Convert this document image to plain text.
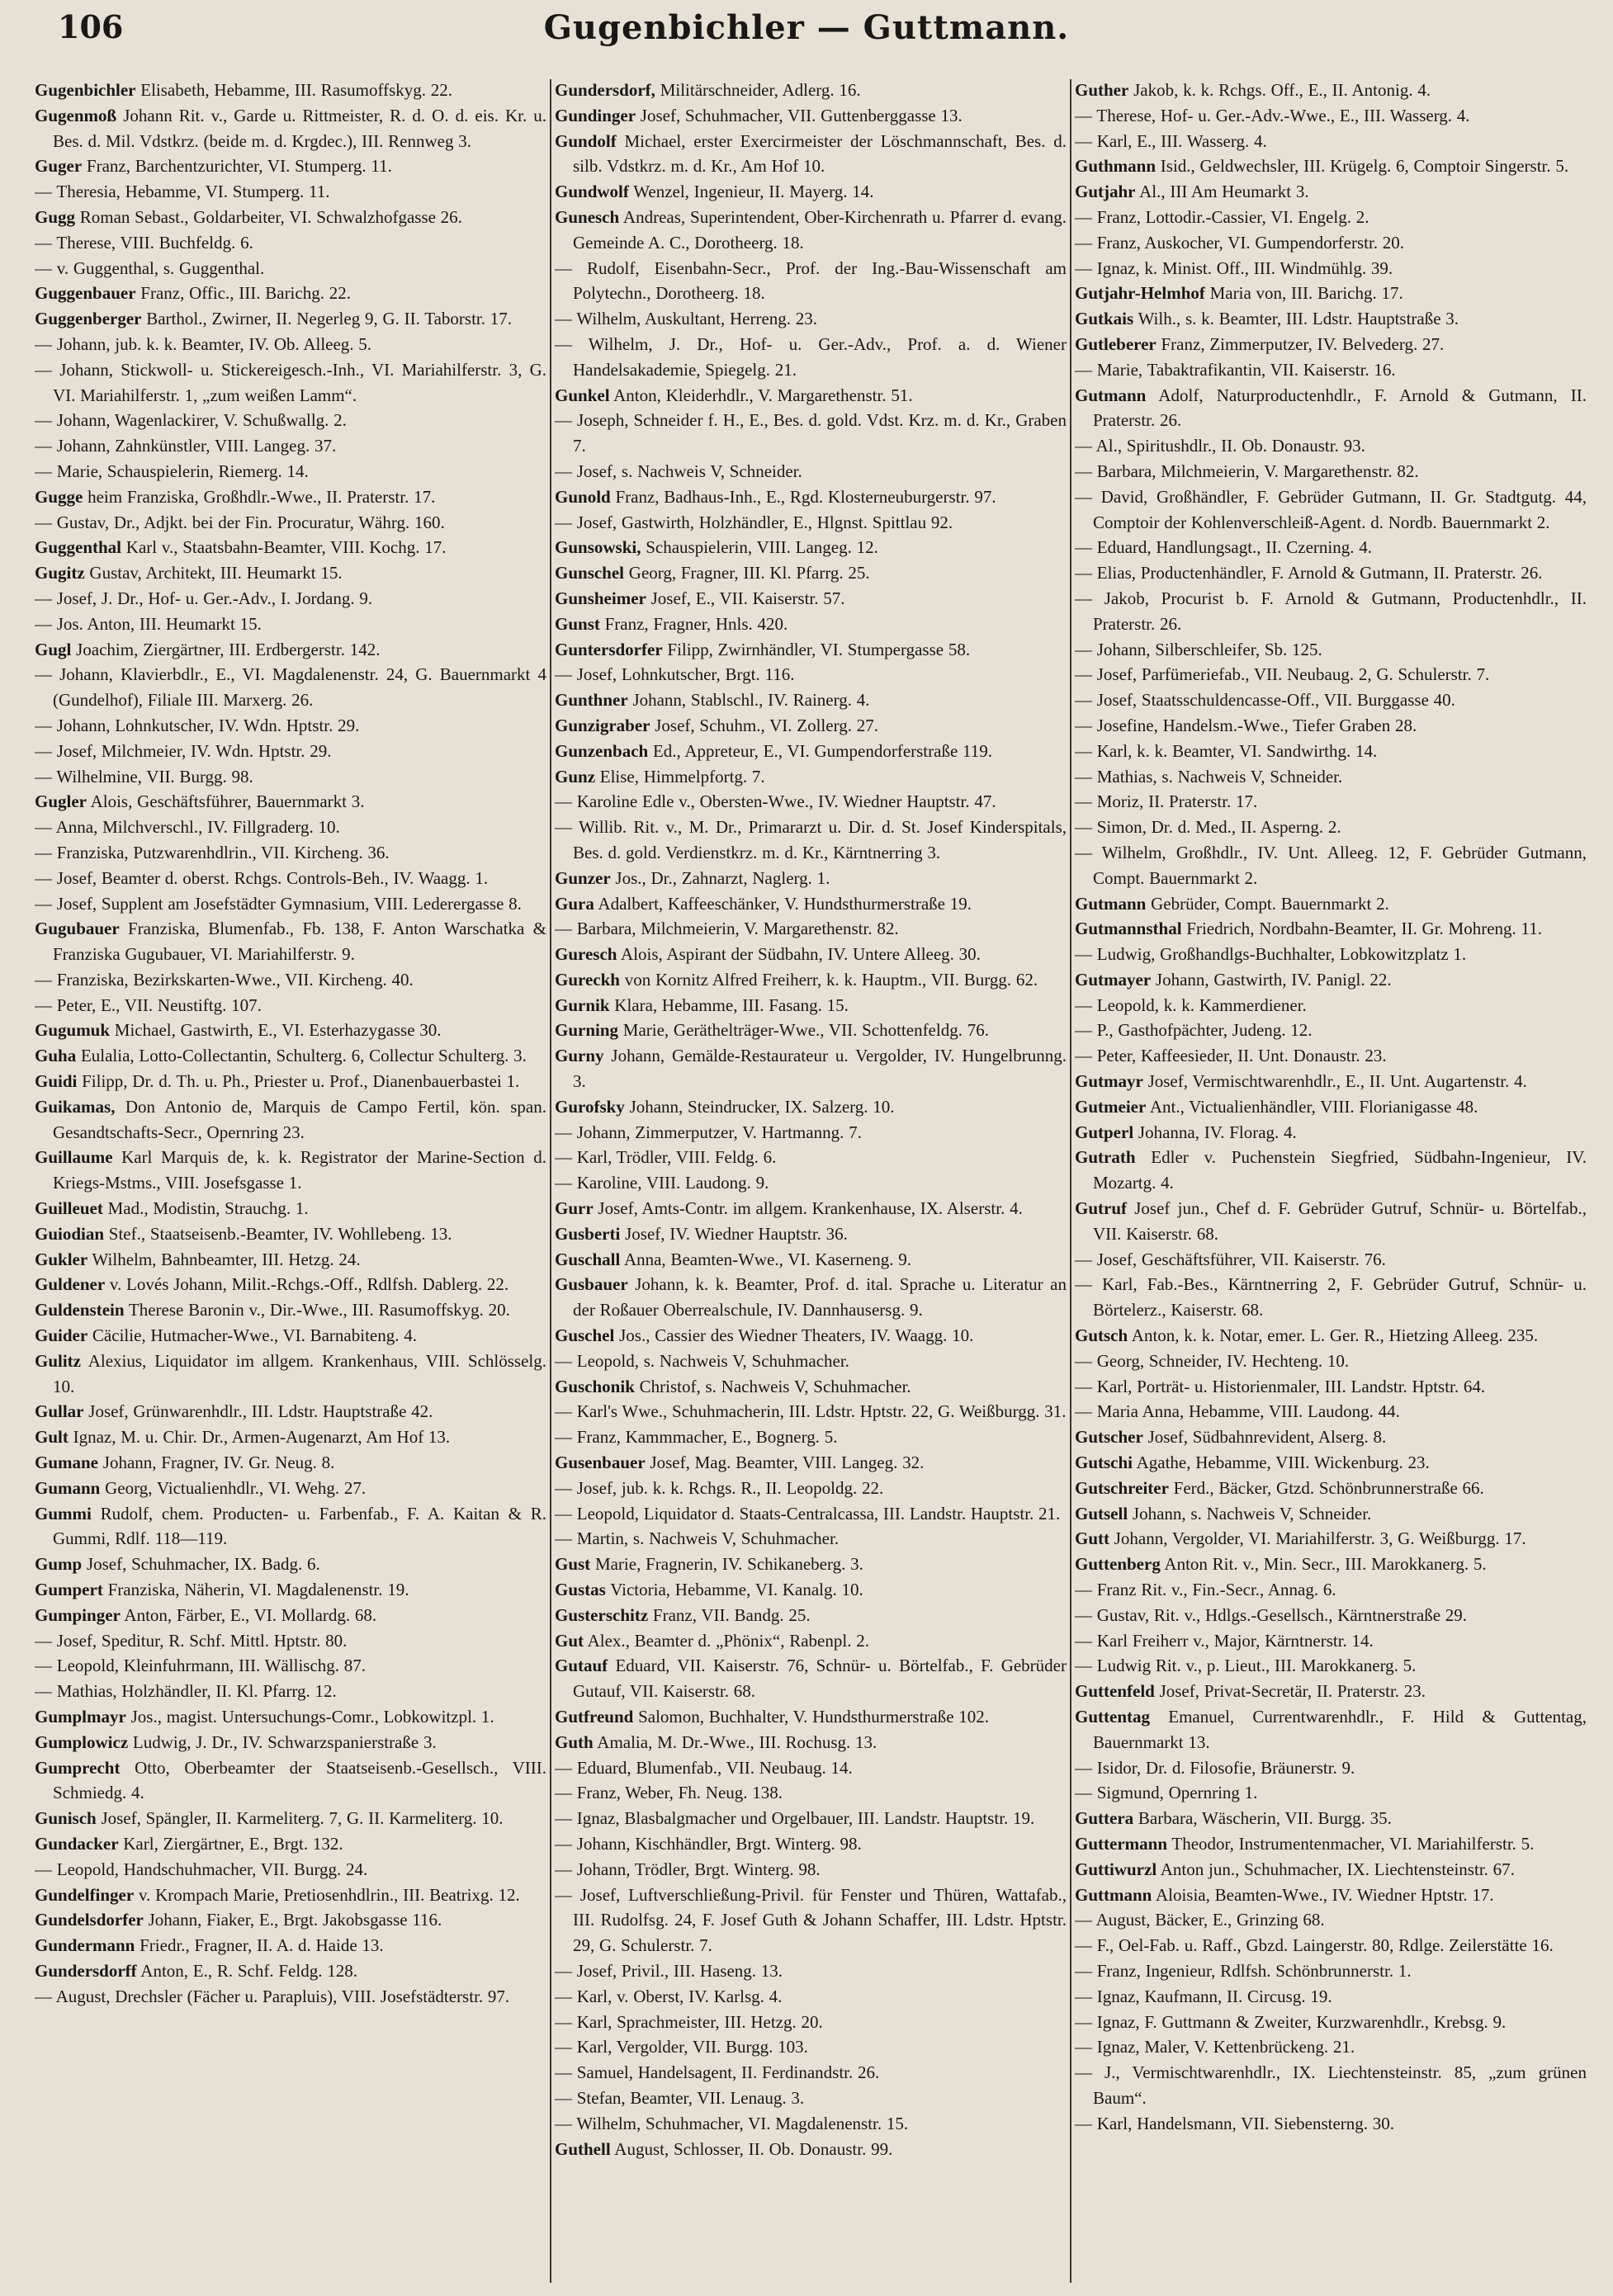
106	Gugenbichler — Guttmann.

Gugenbichler Elisabeth, Hebamme, III. Rasumoffskyg. 22.

Gugenmoß Johann Rit. v., Garde u. Rittmeister, R. d. O. d. eis. Kr. u. Bes. d. Mil. Vdstkrz. (beide m. d. Krgdec.), III. Rennweg 3.

Guger Franz, Barchentzurichter, VI. Stumperg. 11.

— Theresia, Hebamme, VI. Stumperg. 11.

Gugg Roman Sebast., Goldarbeiter, VI. Schwalzhofgasse 26.

— Therese, VIII. Buchfeldg. 6.

— v. Guggenthal, s. Guggenthal.

Guggenbauer Franz, Offic., III. Barichg. 22.

Guggenberger Barthol., Zwirner, II. Negerleg 9, G. II. Taborstr. 17.

— Johann, jub. k. k. Beamter, IV. Ob. Alleeg. 5.

— Johann, Stickwoll- u. Stickereigesch.-Inh., VI. Mariahilferstr. 3, G. VI. Mariahilferstr. 1, „zum weißen Lamm“.

— Johann, Wagenlackirer, V. Schußwallg. 2.

— Johann, Zahnkünstler, VIII. Langeg. 37.

— Marie, Schauspielerin, Riemerg. 14.

Gugge heim Franziska, Großhdlr.-Wwe., II. Praterstr. 17.

— Gustav, Dr., Adjkt. bei der Fin. Procuratur, Währg. 160.

Guggenthal Karl v., Staatsbahn-Beamter, VIII. Kochg. 17.

Gugitz Gustav, Architekt, III. Heumarkt 15.

— Josef, J. Dr., Hof- u. Ger.-Adv., I. Jordang. 9.

— Jos. Anton, III. Heumarkt 15.

Gugl Joachim, Ziergärtner, III. Erdbergerstr. 142.

— Johann, Klavierbdlr., E., VI. Magdalenenstr. 24, G. Bauernmarkt 4 (Gundelhof), Filiale III. Marxerg. 26.

— Johann, Lohnkutscher, IV. Wdn. Hptstr. 29.

— Josef, Milchmeier, IV. Wdn. Hptstr. 29.

— Wilhelmine, VII. Burgg. 98.

Gugler Alois, Geschäftsführer, Bauernmarkt 3.

— Anna, Milchverschl., IV. Fillgraderg. 10.

— Franziska, Putzwarenhdlrin., VII. Kircheng. 36.

— Josef, Beamter d. oberst. Rchgs. Controls-Beh., IV. Waagg. 1.

— Josef, Supplent am Josefstädter Gymnasium, VIII. Lederergasse 8.

Gugubauer Franziska, Blumenfab., Fb. 138, F. Anton Warschatka & Franziska Gugubauer, VI. Mariahilferstr. 9.

— Franziska, Bezirkskarten-Wwe., VII. Kircheng. 40.

— Peter, E., VII. Neustiftg. 107.

Gugumuk Michael, Gastwirth, E., VI. Esterhazygasse 30.

Guha Eulalia, Lotto-Collectantin, Schulterg. 6, Collectur Schulterg. 3.

Guidi Filipp, Dr. d. Th. u. Ph., Priester u. Prof., Dianenbauerbastei 1.

Guikamas, Don Antonio de, Marquis de Campo Fertil, kön. span. Gesandtschafts-Secr., Opernring 23.

Guillaume Karl Marquis de, k. k. Registrator der Marine-Section d. Kriegs-Mstms., VIII. Josefsgasse 1.

Guilleuet Mad., Modistin, Strauchg. 1.

Guiodian Stef., Staatseisenb.-Beamter, IV. Wohllebeng. 13.

Gukler Wilhelm, Bahnbeamter, III. Hetzg. 24.

Guldener v. Lovés Johann, Milit.-Rchgs.-Off., Rdlfsh. Dablerg. 22.

Guldenstein Therese Baronin v., Dir.-Wwe., III. Rasumoffskyg. 20.

Guider Cäcilie, Hutmacher-Wwe., VI. Barnabiteng. 4.

Gulitz Alexius, Liquidator im allgem. Krankenhaus, VIII. Schlösselg. 10.

Gullar Josef, Grünwarenhdlr., III. Ldstr. Hauptstraße 42.

Gult Ignaz, M. u. Chir. Dr., Armen-Augenarzt, Am Hof 13.

Gumane Johann, Fragner, IV. Gr. Neug. 8.

Gumann Georg, Victualienhdlr., VI. Wehg. 27.

Gummi Rudolf, chem. Producten- u. Farbenfab., F. A. Kaitan & R. Gummi, Rdlf. 118—119.

Gump Josef, Schuhmacher, IX. Badg. 6.

Gumpert Franziska, Näherin, VI. Magdalenenstr. 19.

Gumpinger Anton, Färber, E., VI. Mollardg. 68.

— Josef, Speditur, R. Schf. Mittl. Hptstr. 80.

— Leopold, Kleinfuhrmann, III. Wällischg. 87.

— Mathias, Holzhändler, II. Kl. Pfarrg. 12.

Gumplmayr Jos., magist. Untersuchungs-Comr., Lobkowitzpl. 1.

Gumplowicz Ludwig, J. Dr., IV. Schwarzspanierstraße 3.

Gumprecht Otto, Oberbeamter der Staatseisenb.-Gesellsch., VIII. Schmiedg. 4.

Gunisch Josef, Spängler, II. Karmeliterg. 7, G. II. Karmeliterg. 10.

Gundacker Karl, Ziergärtner, E., Brgt. 132.

— Leopold, Handschuhmacher, VII. Burgg. 24.

Gundelfinger v. Krompach Marie, Pretiosenhdlrin., III. Beatrixg. 12.

Gundelsdorfer Johann, Fiaker, E., Brgt. Jakobsgasse 116.

Gundermann Friedr., Fragner, II. A. d. Haide 13.

Gundersdorff Anton, E., R. Schf. Feldg. 128.

— August, Drechsler (Fächer u. Parapluis), VIII. Josefstädterstr. 97.

Gundersdorf, Militärschneider, Adlerg. 16.

Gundinger Josef, Schuhmacher, VII. Guttenberggasse 13.

Gundolf Michael, erster Exercirmeister der Löschmannschaft, Bes. d. silb. Vdstkrz. m. d. Kr., Am Hof 10.

Gundwolf Wenzel, Ingenieur, II. Mayerg. 14.

Gunesch Andreas, Superintendent, Ober-Kirchenrath u. Pfarrer d. evang. Gemeinde A. C., Dorotheerg. 18.

— Rudolf, Eisenbahn-Secr., Prof. der Ing.-Bau-Wissenschaft am Polytechn., Dorotheerg. 18.

— Wilhelm, Auskultant, Herreng. 23.

— Wilhelm, J. Dr., Hof- u. Ger.-Adv., Prof. a. d. Wiener Handelsakademie, Spiegelg. 21.

Gunkel Anton, Kleiderhdlr., V. Margarethenstr. 51.

— Joseph, Schneider f. H., E., Bes. d. gold. Vdst. Krz. m. d. Kr., Graben 7.

— Josef, s. Nachweis V, Schneider.

Gunold Franz, Badhaus-Inh., E., Rgd. Klosterneuburgerstr. 97.

— Josef, Gastwirth, Holzhändler, E., Hlgnst. Spittlau 92.

Gunsowski, Schauspielerin, VIII. Langeg. 12.

Gunschel Georg, Fragner, III. Kl. Pfarrg. 25.

Gunsheimer Josef, E., VII. Kaiserstr. 57.

Gunst Franz, Fragner, Hnls. 420.

Guntersdorfer Filipp, Zwirnhändler, VI. Stumpergasse 58.

— Josef, Lohnkutscher, Brgt. 116.

Gunthner Johann, Stablschl., IV. Rainerg. 4.

Gunzigraber Josef, Schuhm., VI. Zollerg. 27.

Gunzenbach Ed., Appreteur, E., VI. Gumpendorferstraße 119.

Gunz Elise, Himmelpfortg. 7.

— Karoline Edle v., Obersten-Wwe., IV. Wiedner Hauptstr. 47.

— Willib. Rit. v., M. Dr., Primararzt u. Dir. d. St. Josef Kinderspitals, Bes. d. gold. Verdienstkrz. m. d. Kr., Kärntnerring 3.

Gunzer Jos., Dr., Zahnarzt, Naglerg. 1.

Gura Adalbert, Kaffeeschänker, V. Hundsthurmerstraße 19.

— Barbara, Milchmeierin, V. Margarethenstr. 82.

Guresch Alois, Aspirant der Südbahn, IV. Untere Alleeg. 30.

Gureckh von Kornitz Alfred Freiherr, k. k. Hauptm., VII. Burgg. 62.

Gurnik Klara, Hebamme, III. Fasang. 15.

Gurning Marie, Geräthelträger-Wwe., VII. Schottenfeldg. 76.

Gurny Johann, Gemälde-Restaurateur u. Vergolder, IV. Hungelbrunng. 3.

Gurofsky Johann, Steindrucker, IX. Salzerg. 10.

— Johann, Zimmerputzer, V. Hartmanng. 7.

— Karl, Trödler, VIII. Feldg. 6.

— Karoline, VIII. Laudong. 9.

Gurr Josef, Amts-Contr. im allgem. Krankenhause, IX. Alserstr. 4.

Gusberti Josef, IV. Wiedner Hauptstr. 36.

Guschall Anna, Beamten-Wwe., VI. Kaserneng. 9.

Gusbauer Johann, k. k. Beamter, Prof. d. ital. Sprache u. Literatur an der Roßauer Oberrealschule, IV. Dannhausersg. 9.

Guschel Jos., Cassier des Wiedner Theaters, IV. Waagg. 10.

— Leopold, s. Nachweis V, Schuhmacher.

Guschonik Christof, s. Nachweis V, Schuhmacher.

— Karl's Wwe., Schuhmacherin, III. Ldstr. Hptstr. 22, G. Weißburgg. 31.

— Franz, Kammmacher, E., Bognerg. 5.

Gusenbauer Josef, Mag. Beamter, VIII. Langeg. 32.

— Josef, jub. k. k. Rchgs. R., II. Leopoldg. 22.

— Leopold, Liquidator d. Staats-Centralcassa, III. Landstr. Hauptstr. 21.

— Martin, s. Nachweis V, Schuhmacher.

Gust Marie, Fragnerin, IV. Schikaneberg. 3.

Gustas Victoria, Hebamme, VI. Kanalg. 10.

Gusterschitz Franz, VII. Bandg. 25.

Gut Alex., Beamter d. „Phönix“, Rabenpl. 2.

Gutauf Eduard, VII. Kaiserstr. 76, Schnür- u. Börtelfab., F. Gebrüder Gutauf, VII. Kaiserstr. 68.

Gutfreund Salomon, Buchhalter, V. Hundsthurmerstraße 102.

Guth Amalia, M. Dr.-Wwe., III. Rochusg. 13.

— Eduard, Blumenfab., VII. Neubaug. 14.

— Franz, Weber, Fh. Neug. 138.

— Ignaz, Blasbalgmacher und Orgelbauer, III. Landstr. Hauptstr. 19.

— Johann, Kischhändler, Brgt. Winterg. 98.

— Johann, Trödler, Brgt. Winterg. 98.

— Josef, Luftverschließung-Privil. für Fenster und Thüren, Wattafab., III. Rudolfsg. 24, F. Josef Guth & Johann Schaffer, III. Ldstr. Hptstr. 29, G. Schulerstr. 7.

— Josef, Privil., III. Haseng. 13.

— Karl, v. Oberst, IV. Karlsg. 4.

— Karl, Sprachmeister, III. Hetzg. 20.

— Karl, Vergolder, VII. Burgg. 103.

— Samuel, Handelsagent, II. Ferdinandstr. 26.

— Stefan, Beamter, VII. Lenaug. 3.

— Wilhelm, Schuhmacher, VI. Magdalenenstr. 15.

Guthell August, Schlosser, II. Ob. Donaustr. 99.

Guther Jakob, k. k. Rchgs. Off., E., II. Antonig. 4.

— Therese, Hof- u. Ger.-Adv.-Wwe., E., III. Wasserg. 4.

— Karl, E., III. Wasserg. 4.

Guthmann Isid., Geldwechsler, III. Krügelg. 6, Comptoir Singerstr. 5.

Gutjahr Al., III Am Heumarkt 3.

— Franz, Lottodir.-Cassier, VI. Engelg. 2.

— Franz, Auskocher, VI. Gumpendorferstr. 20.

— Ignaz, k. Minist. Off., III. Windmühlg. 39.

Gutjahr-Helmhof Maria von, III. Barichg. 17.

Gutkais Wilh., s. k. Beamter, III. Ldstr. Hauptstraße 3.

Gutleberer Franz, Zimmerputzer, IV. Belvederg. 27.

— Marie, Tabaktrafikantin, VII. Kaiserstr. 16.

Gutmann Adolf, Naturproductenhdlr., F. Arnold & Gutmann, II. Praterstr. 26.

— Al., Spiritushdlr., II. Ob. Donaustr. 93.

— Barbara, Milchmeierin, V. Margarethenstr. 82.

— David, Großhändler, F. Gebrüder Gutmann, II. Gr. Stadtgutg. 44, Comptoir der Kohlenverschleiß-Agent. d. Nordb. Bauernmarkt 2.

— Eduard, Handlungsagt., II. Czerning. 4.

— Elias, Productenhändler, F. Arnold & Gutmann, II. Praterstr. 26.

— Jakob, Procurist b. F. Arnold & Gutmann, Productenhdlr., II. Praterstr. 26.

— Johann, Silberschleifer, Sb. 125.

— Josef, Parfümeriefab., VII. Neubaug. 2, G. Schulerstr. 7.

— Josef, Staatsschuldencasse-Off., VII. Burggasse 40.

— Josefine, Handelsm.-Wwe., Tiefer Graben 28.

— Karl, k. k. Beamter, VI. Sandwirthg. 14.

— Mathias, s. Nachweis V, Schneider.

— Moriz, II. Praterstr. 17.

— Simon, Dr. d. Med., II. Asperng. 2.

— Wilhelm, Großhdlr., IV. Unt. Alleeg. 12, F. Gebrüder Gutmann, Compt. Bauernmarkt 2.

Gutmann Gebrüder, Compt. Bauernmarkt 2.

Gutmannsthal Friedrich, Nordbahn-Beamter, II. Gr. Mohreng. 11.

— Ludwig, Großhandlgs-Buchhalter, Lobkowitzplatz 1.

Gutmayer Johann, Gastwirth, IV. Panigl. 22.

— Leopold, k. k. Kammerdiener.

— P., Gasthofpächter, Judeng. 12.

— Peter, Kaffeesieder, II. Unt. Donaustr. 23.

Gutmayr Josef, Vermischtwarenhdlr., E., II. Unt. Augartenstr. 4.

Gutmeier Ant., Victualienhändler, VIII. Florianigasse 48.

Gutperl Johanna, IV. Florag. 4.

Gutrath Edler v. Puchenstein Siegfried, Südbahn-Ingenieur, IV. Mozartg. 4.

Gutruf Josef jun., Chef d. F. Gebrüder Gutruf, Schnür- u. Börtelfab., VII. Kaiserstr. 68.

— Josef, Geschäftsführer, VII. Kaiserstr. 76.

— Karl, Fab.-Bes., Kärntnerring 2, F. Gebrüder Gutruf, Schnür- u. Börtelerz., Kaiserstr. 68.

Gutsch Anton, k. k. Notar, emer. L. Ger. R., Hietzing Alleeg. 235.

— Georg, Schneider, IV. Hechteng. 10.

— Karl, Porträt- u. Historienmaler, III. Landstr. Hptstr. 64.

— Maria Anna, Hebamme, VIII. Laudong. 44.

Gutscher Josef, Südbahnrevident, Alserg. 8.

Gutschi Agathe, Hebamme, VIII. Wickenburg. 23.

Gutschreiter Ferd., Bäcker, Gtzd. Schönbrunnerstraße 66.

Gutsell Johann, s. Nachweis V, Schneider.

Gutt Johann, Vergolder, VI. Mariahilferstr. 3, G. Weißburgg. 17.

Guttenberg Anton Rit. v., Min. Secr., III. Marokkanerg. 5.

— Franz Rit. v., Fin.-Secr., Annag. 6.

— Gustav, Rit. v., Hdlgs.-Gesellsch., Kärntnerstraße 29.

— Karl Freiherr v., Major, Kärntnerstr. 14.

— Ludwig Rit. v., p. Lieut., III. Marokkanerg. 5.

Guttenfeld Josef, Privat-Secretär, II. Praterstr. 23.

Guttentag Emanuel, Currentwarenhdlr., F. Hild & Guttentag, Bauernmarkt 13.

— Isidor, Dr. d. Filosofie, Bräunerstr. 9.

— Sigmund, Opernring 1.

Guttera Barbara, Wäscherin, VII. Burgg. 35.

Guttermann Theodor, Instrumentenmacher, VI. Mariahilferstr. 5.

Guttiwurzl Anton jun., Schuhmacher, IX. Liechtensteinstr. 67.

Guttmann Aloisia, Beamten-Wwe., IV. Wiedner Hptstr. 17.

— August, Bäcker, E., Grinzing 68.

— F., Oel-Fab. u. Raff., Gbzd. Laingerstr. 80, Rdlge. Zeilerstätte 16.

— Franz, Ingenieur, Rdlfsh. Schönbrunnerstr. 1.

— Ignaz, Kaufmann, II. Circusg. 19.

— Ignaz, F. Guttmann & Zweiter, Kurzwarenhdlr., Krebsg. 9.

— Ignaz, Maler, V. Kettenbrückeng. 21.

— J., Vermischtwarenhdlr., IX. Liechtensteinstr. 85, „zum grünen Baum“.

— Karl, Handelsmann, VII. Siebensterng. 30.
